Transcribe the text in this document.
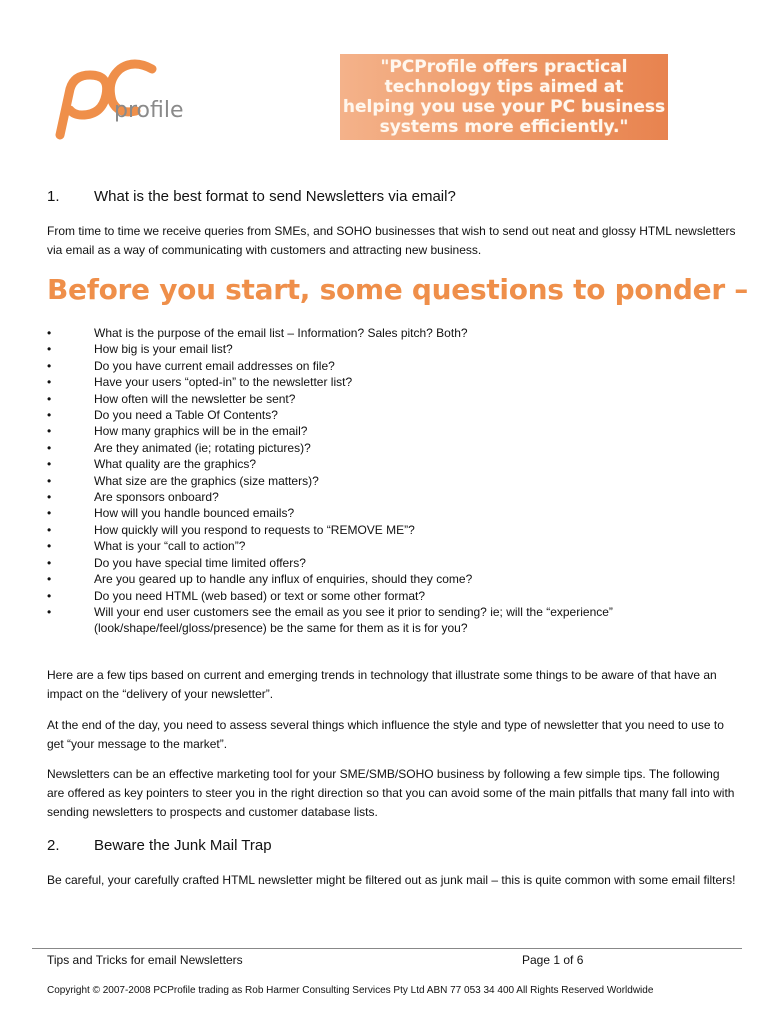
profile
"PCProfile offers practical
technology tips aimed at
helping you use your PC business
systems more efficiently."
1. What is the best format to send Newsletters via email?
From time to time we receive queries from SMEs, and SOHO businesses that wish to send out neat and glossy HTML newsletters via email as a way of communicating with customers and attracting new business.
Before you start, some questions to ponder –
•	What is the purpose of the email list – Information? Sales pitch? Both?
•	How big is your email list?
•	Do you have current email addresses on file?
•	Have your users “opted-in” to the newsletter list?
•	How often will the newsletter be sent?
•	Do you need a Table Of Contents?
•	How many graphics will be in the email?
•	Are they animated (ie; rotating pictures)?
•	What quality are the graphics?
•	What size are the graphics (size matters)?
•	Are sponsors onboard?
•	How will you handle bounced emails?
•	How quickly will you respond to requests to “REMOVE ME”?
•	What is your “call to action”?
•	Do you have special time limited offers?
•	Are you geared up to handle any influx of enquiries, should they come?
•	Do you need HTML (web based) or text or some other format?
•	Will your end user customers see the email as you see it prior to sending? ie; will the “experience” (look/shape/feel/gloss/presence) be the same for them as it is for you?
Here are a few tips based on current and emerging trends in technology that illustrate some things to be aware of that have an impact on the “delivery of your newsletter”.
At the end of the day, you need to assess several things which influence the style and type of newsletter that you need to use to get “your message to the market”.
Newsletters can be an effective marketing tool for your SME/SMB/SOHO business by following a few simple tips. The following are offered as key pointers to steer you in the right direction so that you can avoid some of the main pitfalls that many fall into with sending newsletters to prospects and customer database lists.
2. Beware the Junk Mail Trap
Be careful, your carefully crafted HTML newsletter might be filtered out as junk mail – this is quite common with some email filters!
Tips and Tricks for email Newsletters	Page 1 of 6
Copyright © 2007-2008 PCProfile trading as Rob Harmer Consulting Services Pty Ltd ABN 77 053 34 400 All Rights Reserved Worldwide
